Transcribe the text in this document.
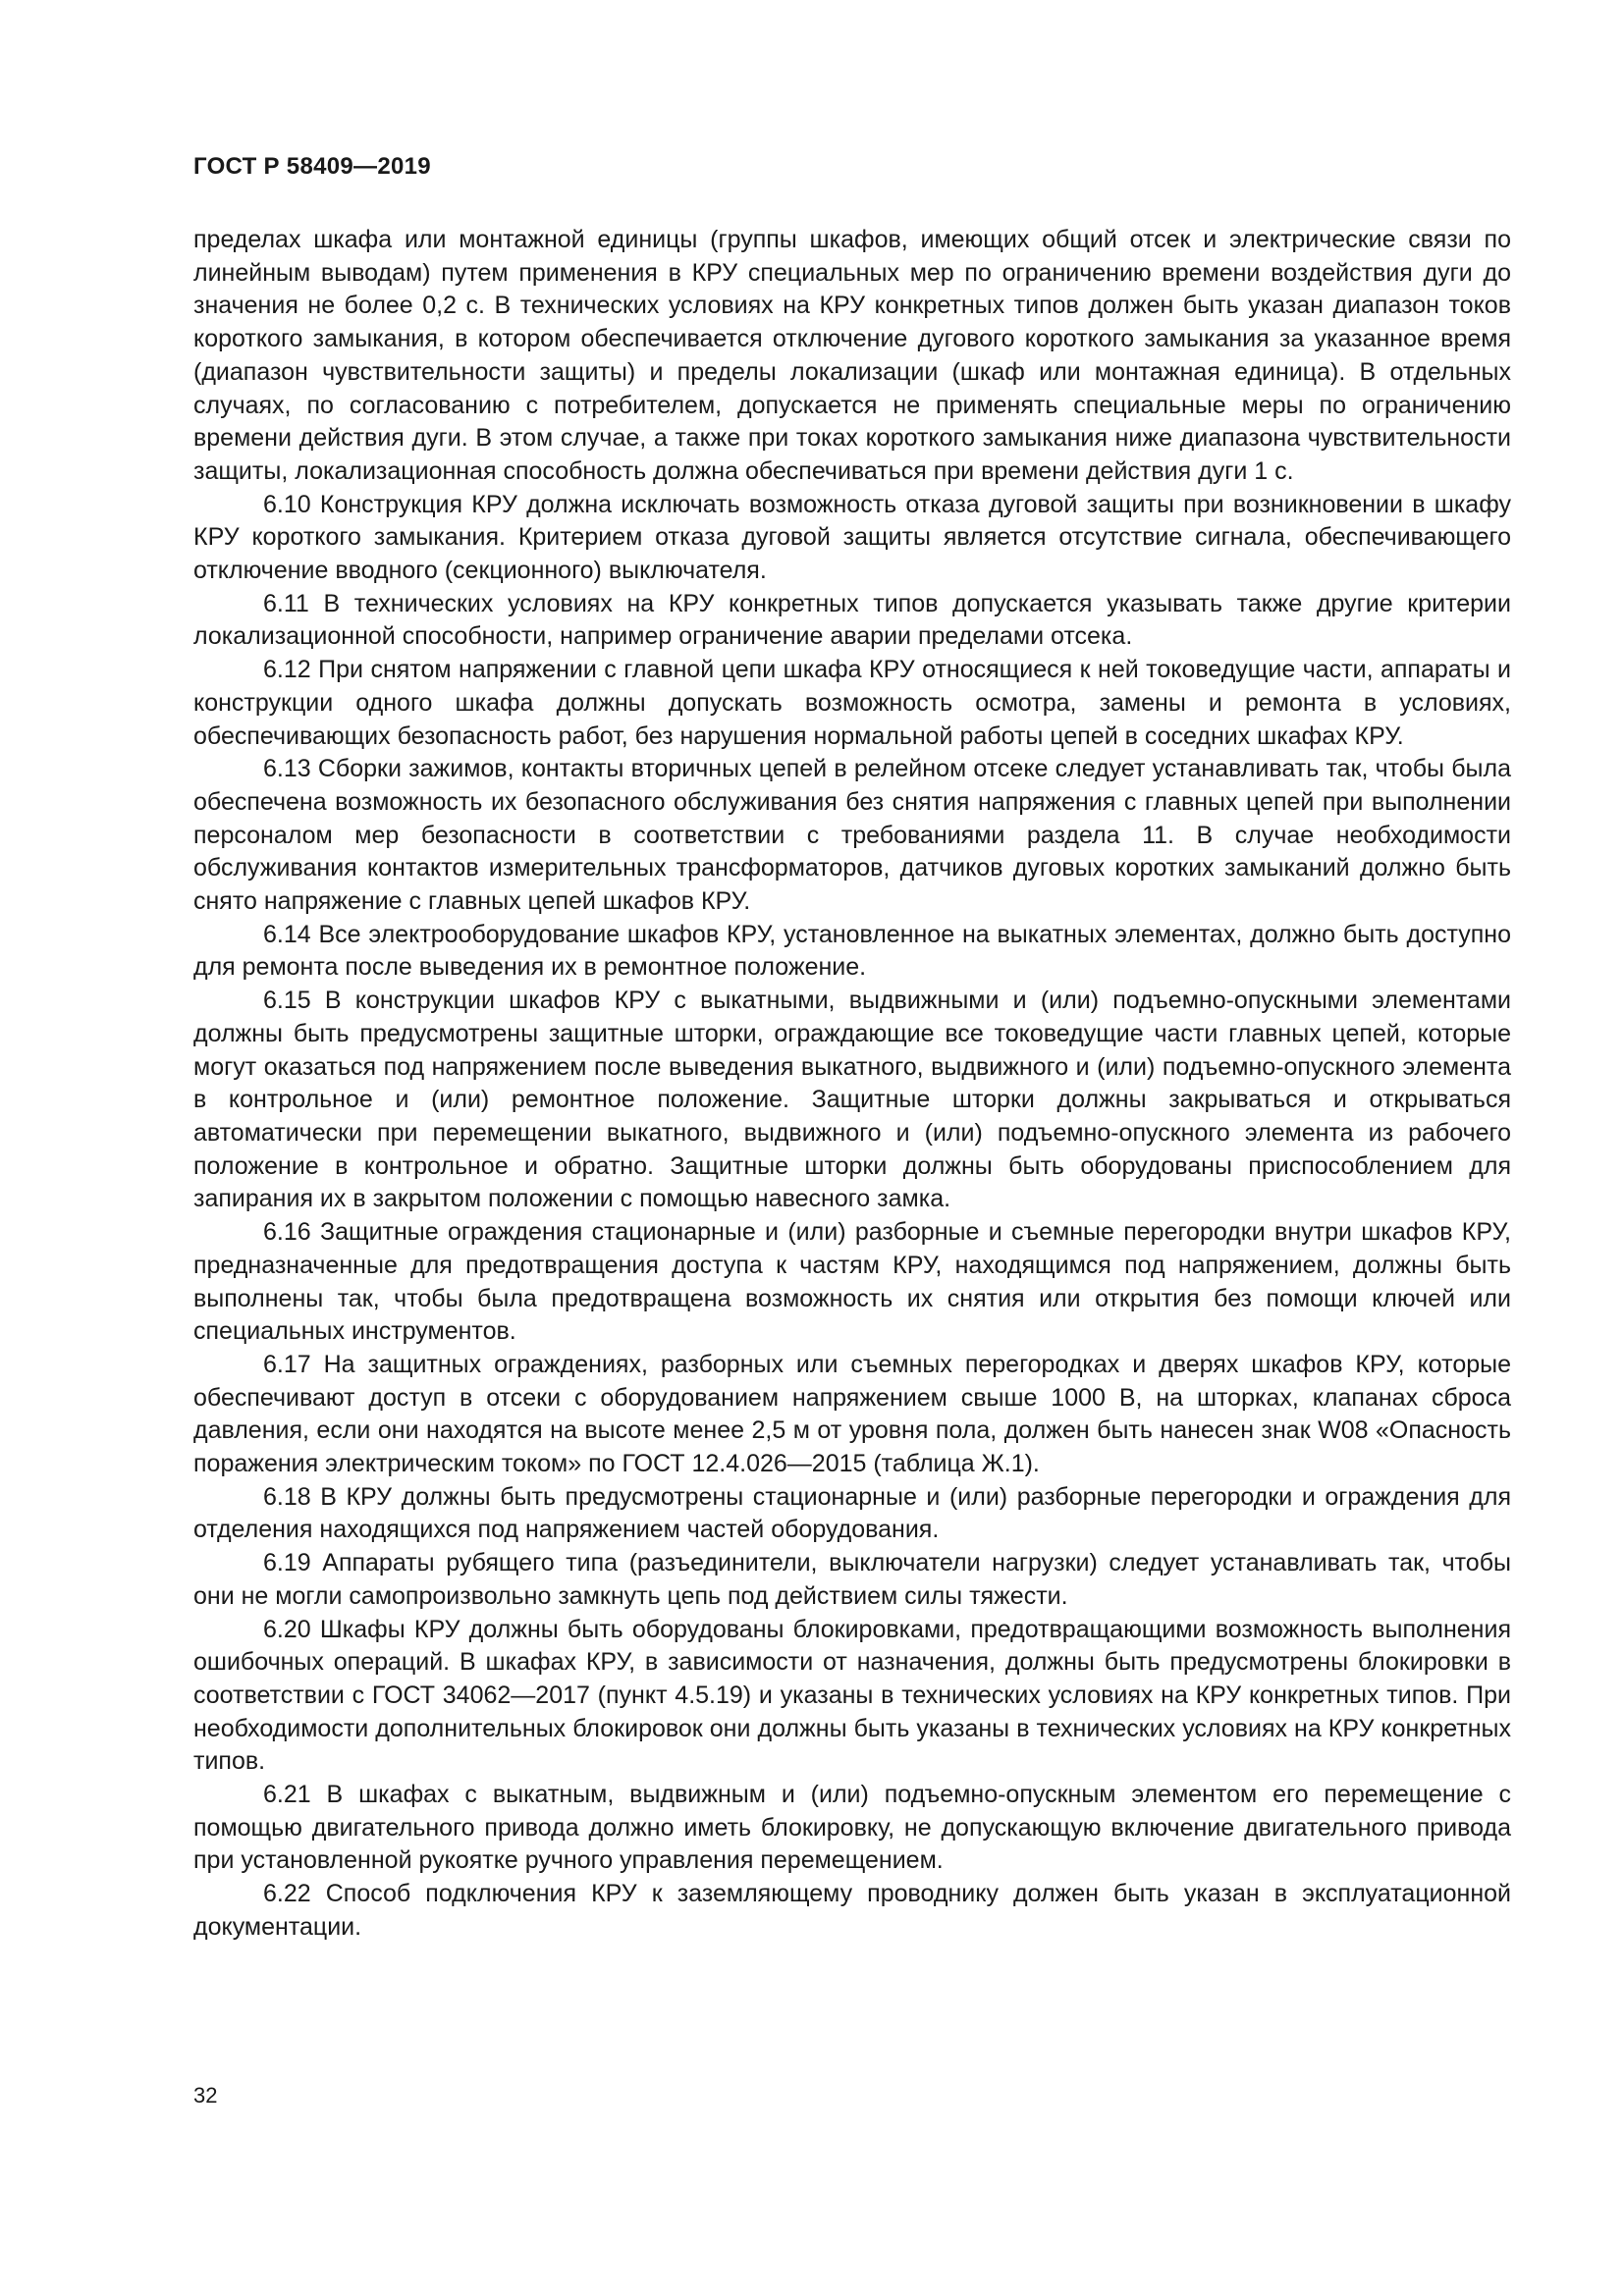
ГОСТ Р 58409—2019

пределах шкафа или монтажной единицы (группы шкафов, имеющих общий отсек и электрические связи по линейным выводам) путем применения в КРУ специальных мер по ограничению времени воздействия дуги до значения не более 0,2 с. В технических условиях на КРУ конкретных типов должен быть указан диапазон токов короткого замыкания, в котором обеспечивается отключение дугового короткого замыкания за указанное время (диапазон чувствительности защиты) и пределы локализации (шкаф или монтажная единица). В отдельных случаях, по согласованию с потребителем, допускается не применять специальные меры по ограничению времени действия дуги. В этом случае, а также при токах короткого замыкания ниже диапазона чувствительности защиты, локализационная способность должна обеспечиваться при времени действия дуги 1 с.

6.10 Конструкция КРУ должна исключать возможность отказа дуговой защиты при возникновении в шкафу КРУ короткого замыкания. Критерием отказа дуговой защиты является отсутствие сигнала, обеспечивающего отключение вводного (секционного) выключателя.

6.11 В технических условиях на КРУ конкретных типов допускается указывать также другие критерии локализационной способности, например ограничение аварии пределами отсека.

6.12 При снятом напряжении с главной цепи шкафа КРУ относящиеся к ней токоведущие части, аппараты и конструкции одного шкафа должны допускать возможность осмотра, замены и ремонта в условиях, обеспечивающих безопасность работ, без нарушения нормальной работы цепей в соседних шкафах КРУ.

6.13 Сборки зажимов, контакты вторичных цепей в релейном отсеке следует устанавливать так, чтобы была обеспечена возможность их безопасного обслуживания без снятия напряжения с главных цепей при выполнении персоналом мер безопасности в соответствии с требованиями раздела 11. В случае необходимости обслуживания контактов измерительных трансформаторов, датчиков дуговых коротких замыканий должно быть снято напряжение с главных цепей шкафов КРУ.

6.14 Все электрооборудование шкафов КРУ, установленное на выкатных элементах, должно быть доступно для ремонта после выведения их в ремонтное положение.

6.15 В конструкции шкафов КРУ с выкатными, выдвижными и (или) подъемно-опускными элементами должны быть предусмотрены защитные шторки, ограждающие все токоведущие части главных цепей, которые могут оказаться под напряжением после выведения выкатного, выдвижного и (или) подъемно-опускного элемента в контрольное и (или) ремонтное положение. Защитные шторки должны закрываться и открываться автоматически при перемещении выкатного, выдвижного и (или) подъемно-опускного элемента из рабочего положение в контрольное и обратно. Защитные шторки должны быть оборудованы приспособлением для запирания их в закрытом положении с помощью навесного замка.

6.16 Защитные ограждения стационарные и (или) разборные и съемные перегородки внутри шкафов КРУ, предназначенные для предотвращения доступа к частям КРУ, находящимся под напряжением, должны быть выполнены так, чтобы была предотвращена возможность их снятия или открытия без помощи ключей или специальных инструментов.

6.17 На защитных ограждениях, разборных или съемных перегородках и дверях шкафов КРУ, которые обеспечивают доступ в отсеки с оборудованием напряжением свыше 1000 В, на шторках, клапанах сброса давления, если они находятся на высоте менее 2,5 м от уровня пола, должен быть нанесен знак W08 «Опасность поражения электрическим током» по ГОСТ 12.4.026—2015 (таблица Ж.1).

6.18 В КРУ должны быть предусмотрены стационарные и (или) разборные перегородки и ограждения для отделения находящихся под напряжением частей оборудования.

6.19 Аппараты рубящего типа (разъединители, выключатели нагрузки) следует устанавливать так, чтобы они не могли самопроизвольно замкнуть цепь под действием силы тяжести.

6.20 Шкафы КРУ должны быть оборудованы блокировками, предотвращающими возможность выполнения ошибочных операций. В шкафах КРУ, в зависимости от назначения, должны быть предусмотрены блокировки в соответствии с ГОСТ 34062—2017 (пункт 4.5.19) и указаны в технических условиях на КРУ конкретных типов. При необходимости дополнительных блокировок они должны быть указаны в технических условиях на КРУ конкретных типов.

6.21 В шкафах с выкатным, выдвижным и (или) подъемно-опускным элементом его перемещение с помощью двигательного привода должно иметь блокировку, не допускающую включение двигательного привода при установленной рукоятке ручного управления перемещением.

6.22 Способ подключения КРУ к заземляющему проводнику должен быть указан в эксплуатационной документации.

32
